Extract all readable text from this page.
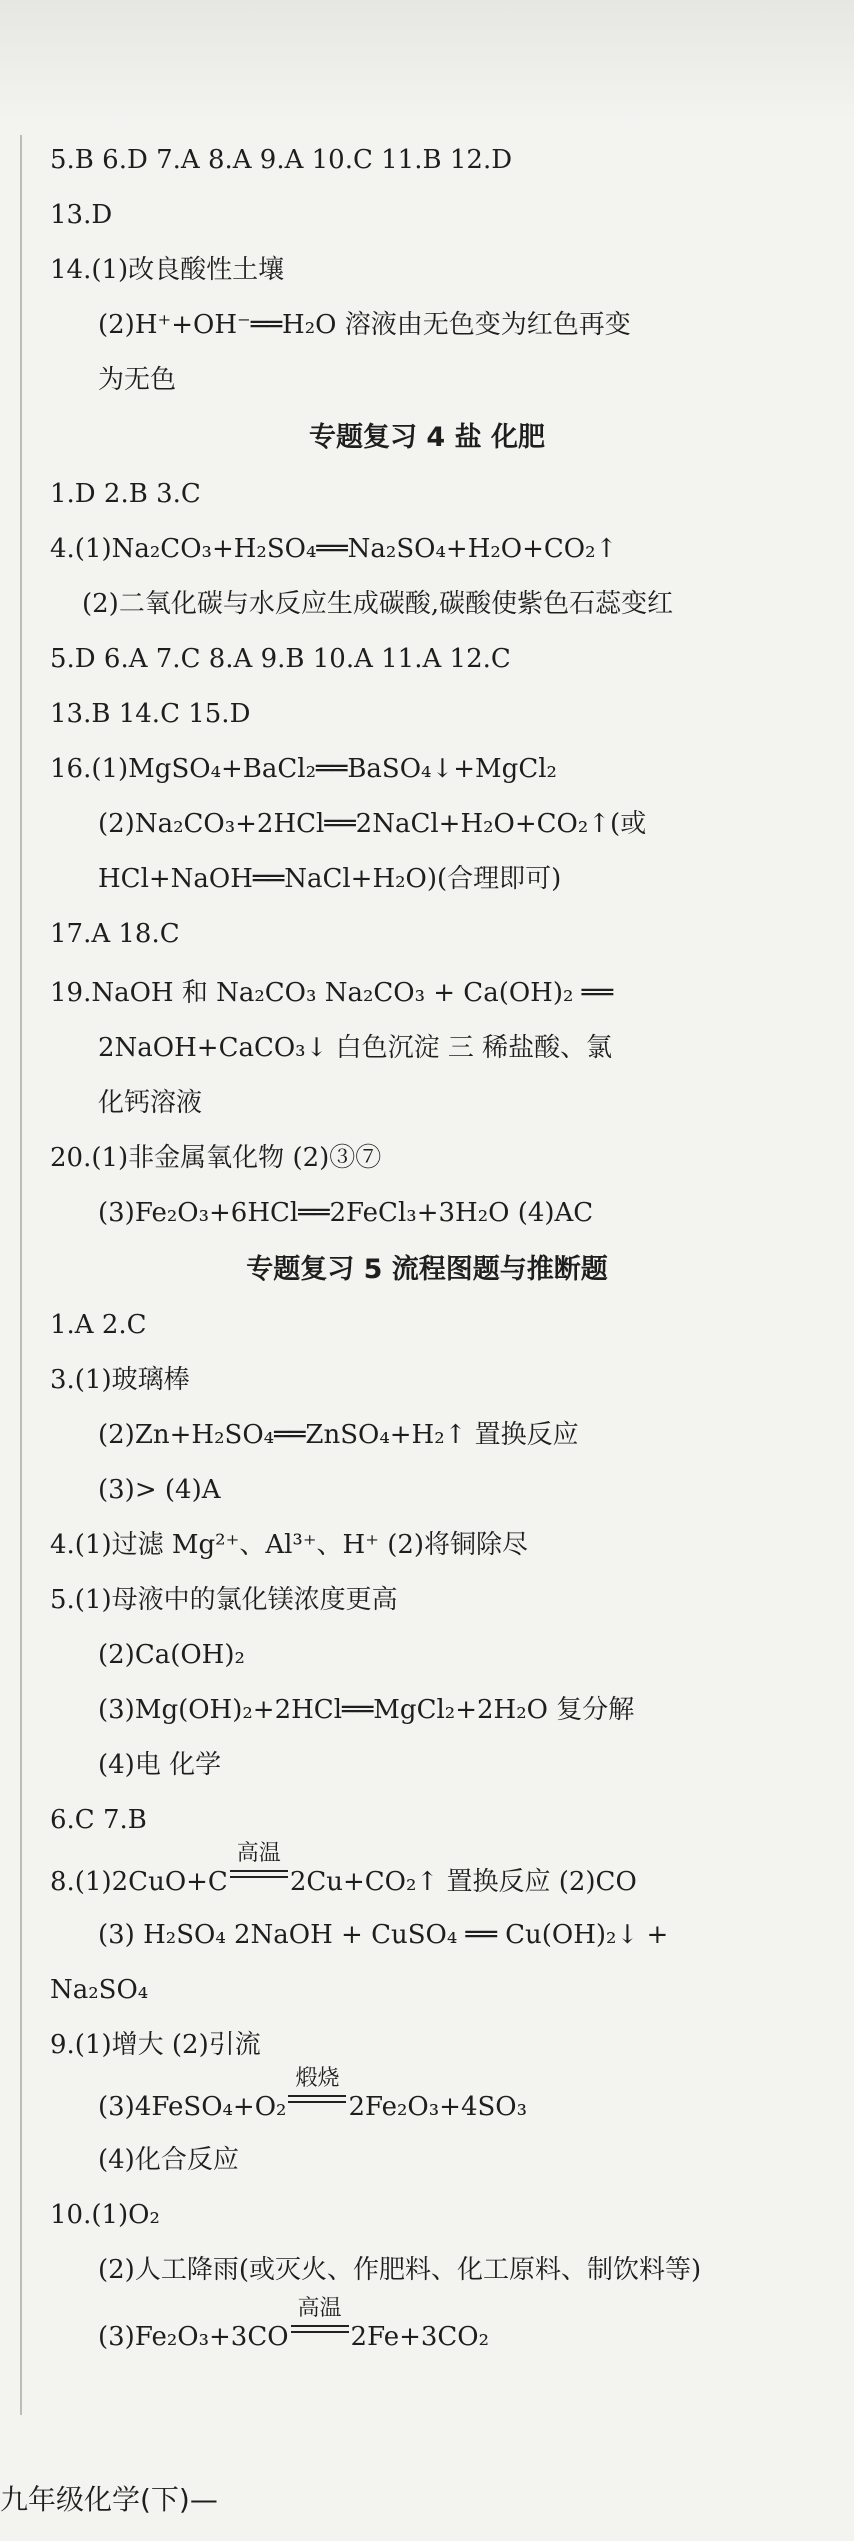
5.B 6.D 7.A 8.A 9.A 10.C 11.B 12.D
13.D
14.(1)改良酸性土壤
(2)H⁺+OH⁻══H₂O 溶液由无色变为红色再变
为无色
专题复习 4 盐 化肥
1.D 2.B 3.C
4.(1)Na₂CO₃+H₂SO₄══Na₂SO₄+H₂O+CO₂↑
(2)二氧化碳与水反应生成碳酸,碳酸使紫色石蕊变红
5.D 6.A 7.C 8.A 9.B 10.A 11.A 12.C
13.B 14.C 15.D
16.(1)MgSO₄+BaCl₂══BaSO₄↓+MgCl₂
(2)Na₂CO₃+2HCl══2NaCl+H₂O+CO₂↑(或
HCl+NaOH══NaCl+H₂O)(合理即可)
17.A 18.C
19.NaOH 和 Na₂CO₃ Na₂CO₃ + Ca(OH)₂ ══
2NaOH+CaCO₃↓ 白色沉淀 三 稀盐酸、氯
化钙溶液
20.(1)非金属氧化物 (2)③⑦
(3)Fe₂O₃+6HCl══2FeCl₃+3H₂O (4)AC
专题复习 5 流程图题与推断题
1.A 2.C
3.(1)玻璃棒
(2)Zn+H₂SO₄══ZnSO₄+H₂↑ 置换反应
(3)> (4)A
4.(1)过滤 Mg²⁺、Al³⁺、H⁺ (2)将铜除尽
5.(1)母液中的氯化镁浓度更高
(2)Ca(OH)₂
(3)Mg(OH)₂+2HCl══MgCl₂+2H₂O 复分解
(4)电 化学
6.C 7.B
8.(1)2CuO+C
高温
2Cu+CO₂↑ 置换反应 (2)CO
(3) H₂SO₄ 2NaOH + CuSO₄ ══ Cu(OH)₂↓ +
Na₂SO₄
9.(1)增大 (2)引流
(3)4FeSO₄+O₂
煅烧
2Fe₂O₃+4SO₃
(4)化合反应
10.(1)O₂
(2)人工降雨(或灭火、作肥料、化工原料、制饮料等)
(3)Fe₂O₃+3CO
高温
2Fe+3CO₂
九年级化学(下)—
